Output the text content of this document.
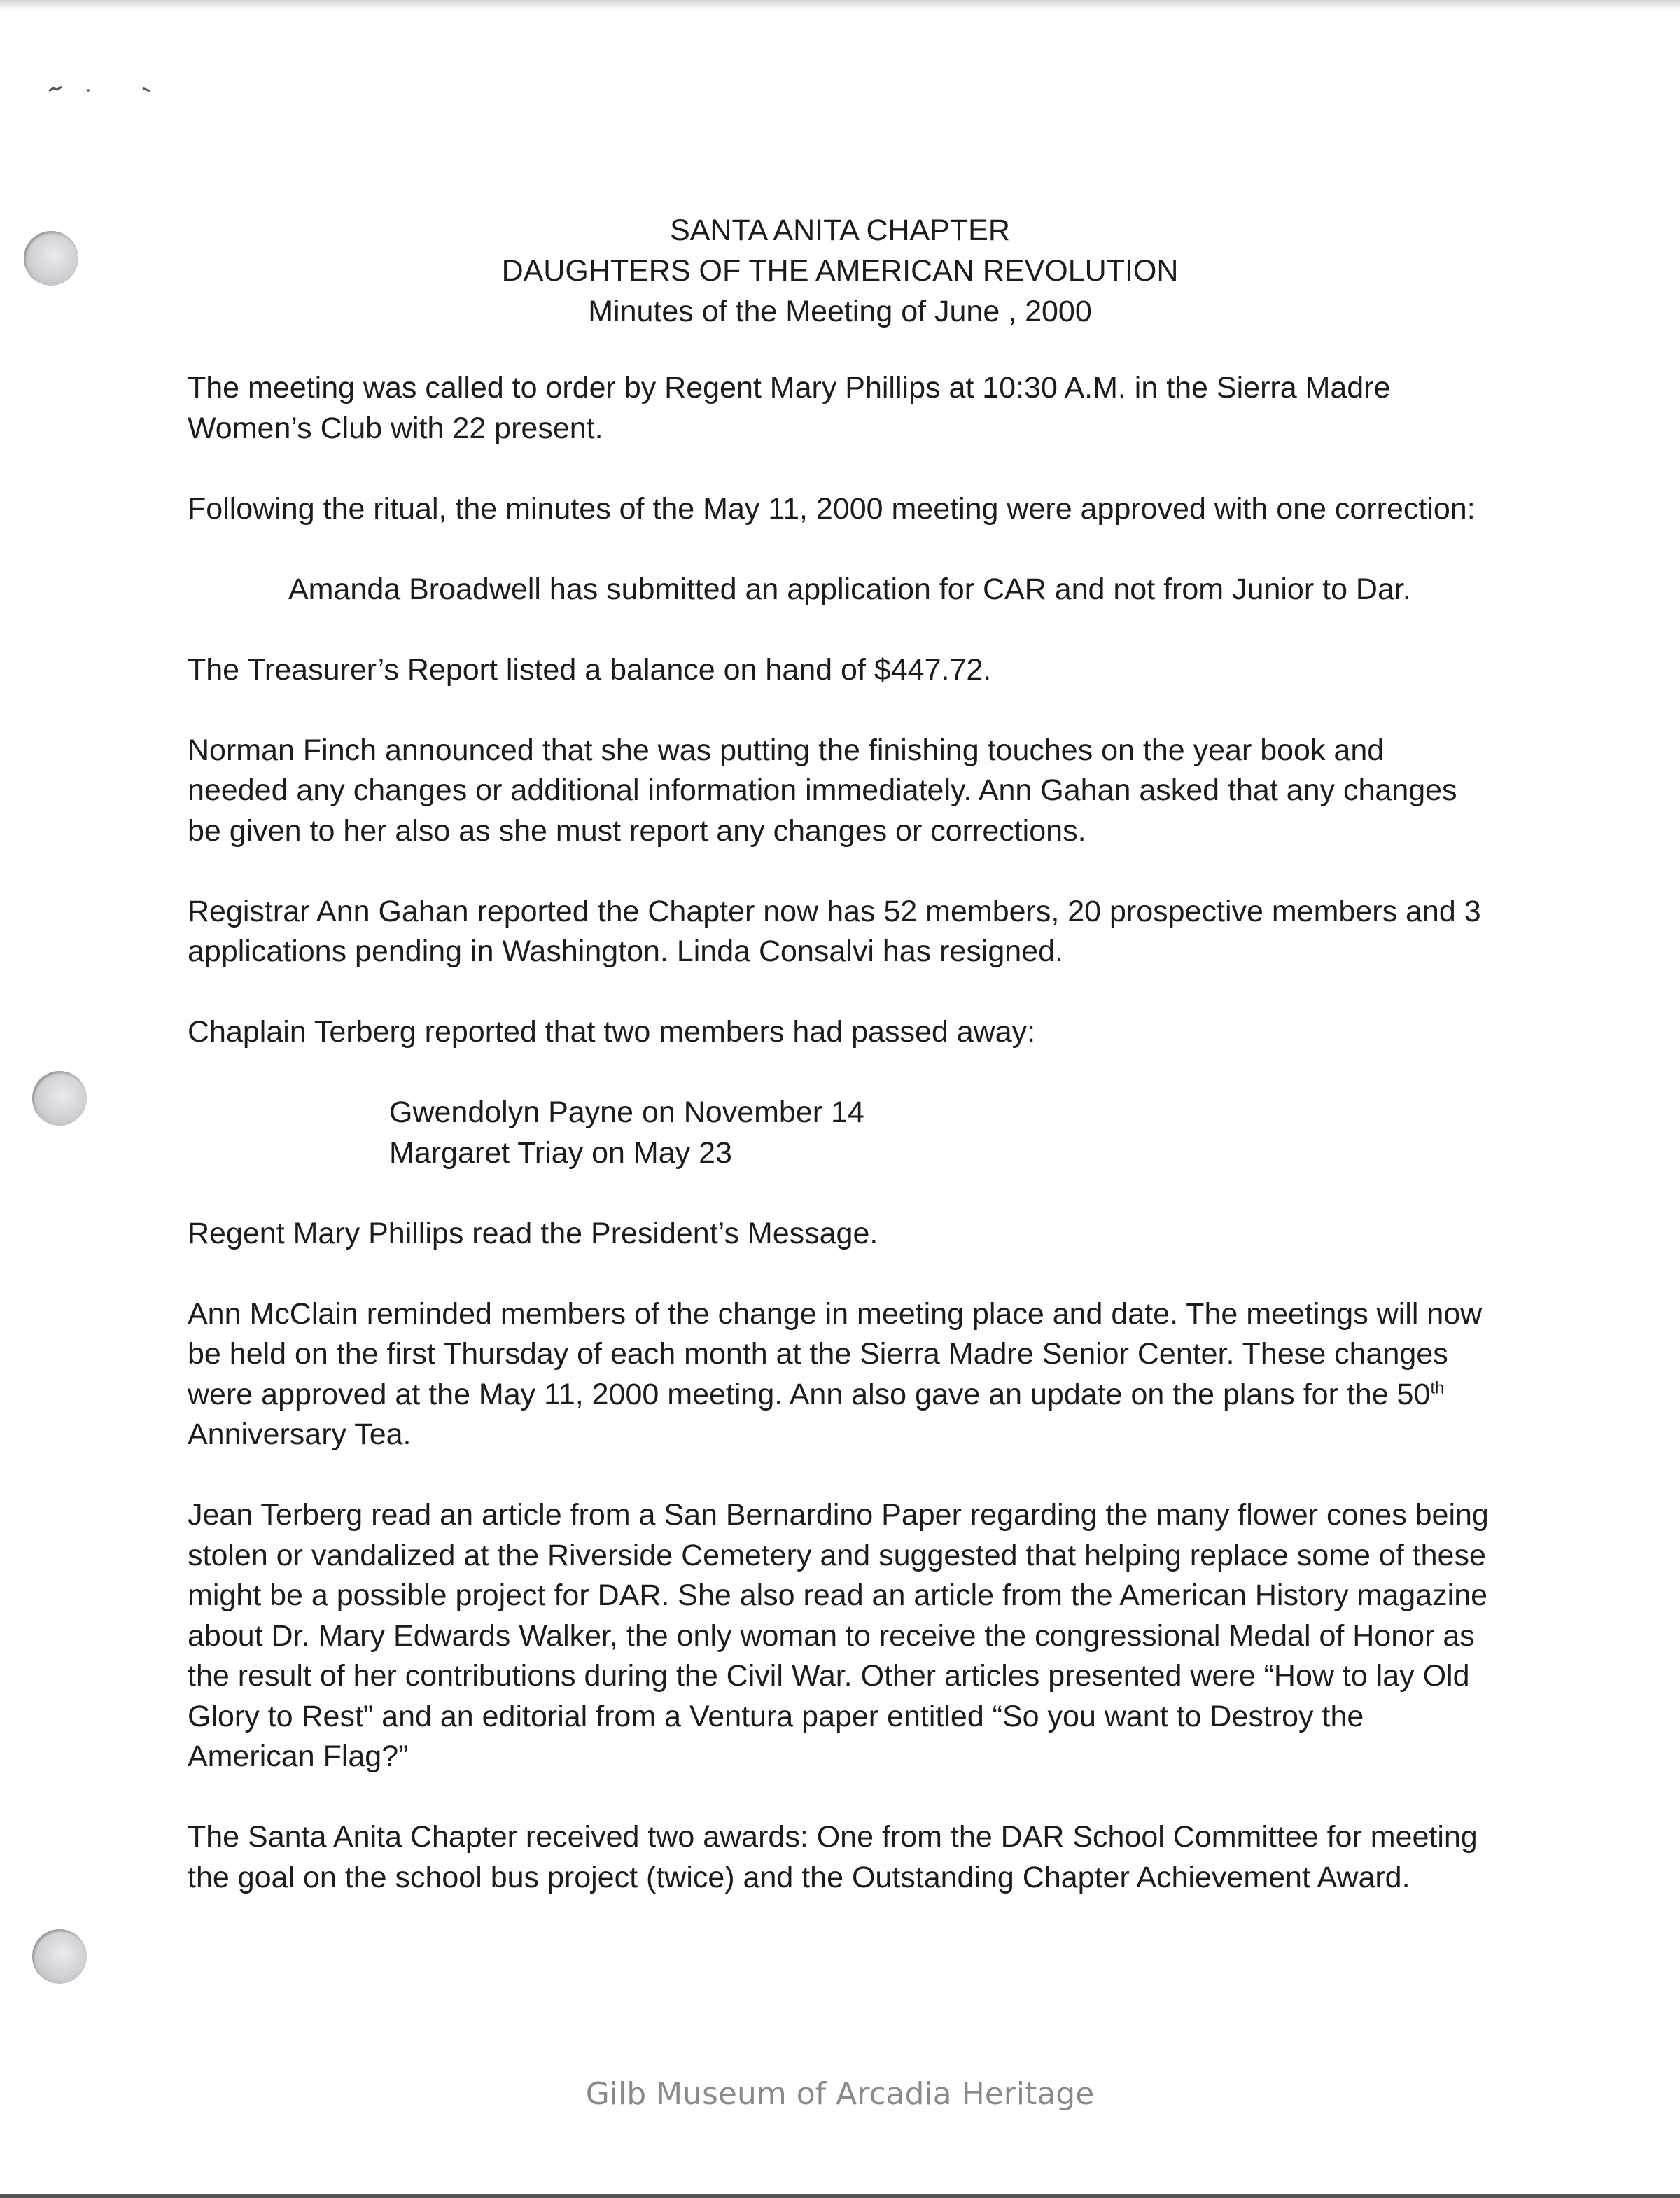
SANTA ANITA CHAPTER
DAUGHTERS OF THE AMERICAN REVOLUTION
Minutes of the Meeting of June , 2000

The meeting was called to order by Regent Mary Phillips at 10:30 A.M. in the Sierra Madre Women’s Club with 22 present.

Following the ritual, the minutes of the May 11, 2000 meeting were approved with one correction:

Amanda Broadwell has submitted an application for CAR and not from Junior to Dar.

The Treasurer’s Report listed a balance on hand of $447.72.

Norman Finch announced that she was putting the finishing touches on the year book and needed any changes or additional information immediately. Ann Gahan asked that any changes be given to her also as she must report any changes or corrections.

Registrar Ann Gahan reported the Chapter now has 52 members, 20 prospective members and 3 applications pending in Washington. Linda Consalvi has resigned.

Chaplain Terberg reported that two members had passed away:

Gwendolyn Payne on November 14
Margaret Triay on May 23

Regent Mary Phillips read the President’s Message.

Ann McClain reminded members of the change in meeting place and date. The meetings will now be held on the first Thursday of each month at the Sierra Madre Senior Center. These changes were approved at the May 11, 2000 meeting. Ann also gave an update on the plans for the 50th Anniversary Tea.

Jean Terberg read an article from a San Bernardino Paper regarding the many flower cones being stolen or vandalized at the Riverside Cemetery and suggested that helping replace some of these might be a possible project for DAR. She also read an article from the American History magazine about Dr. Mary Edwards Walker, the only woman to receive the congressional Medal of Honor as the result of her contributions during the Civil War. Other articles presented were “How to lay Old Glory to Rest” and an editorial from a Ventura paper entitled “So you want to Destroy the American Flag?”

The Santa Anita Chapter received two awards: One from the DAR School Committee for meeting the goal on the school bus project (twice) and the Outstanding Chapter Achievement Award.

Gilb Museum of Arcadia Heritage
